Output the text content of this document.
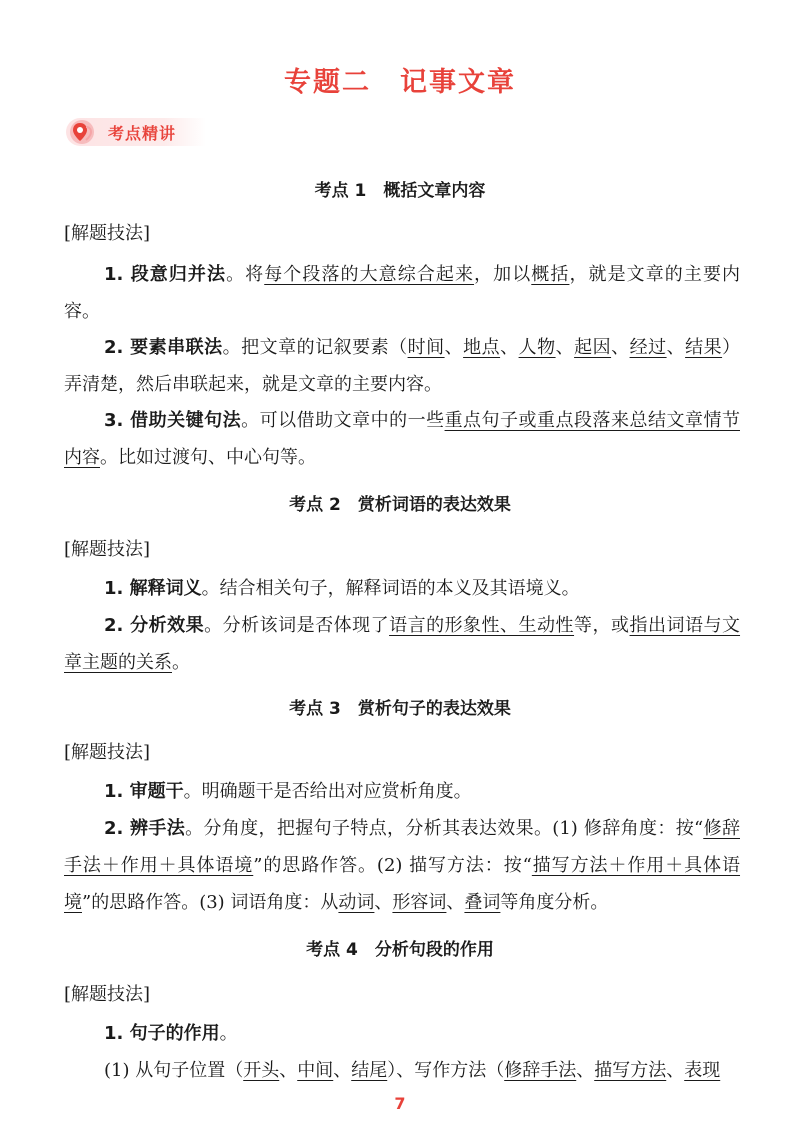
专题二　记事文章
考点精讲
考点 1　 概括文章内容
[解题技法]
1. 段意归并法。将每个段落的大意综合起来，加以概括，就是文章的主要内容。
2. 要素串联法。把文章的记叙要素（时间、地点、人物、起因、经过、结果）弄清楚，然后串联起来，就是文章的主要内容。
3. 借助关键句法。可以借助文章中的一些重点句子或重点段落来总结文章情节内容。比如过渡句、中心句等。
考点 2　 赏析词语的表达效果
[解题技法]
1. 解释词义。结合相关句子，解释词语的本义及其语境义。
2. 分析效果。分析该词是否体现了语言的形象性、生动性等，或指出词语与文章主题的关系。
考点 3　 赏析句子的表达效果
[解题技法]
1. 审题干。明确题干是否给出对应赏析角度。
2. 辨手法。分角度，把握句子特点，分析其表达效果。(1) 修辞角度：按“修辞手法＋作用＋具体语境”的思路作答。(2) 描写方法：按“描写方法＋作用＋具体语境”的思路作答。(3) 词语角度：从动词、形容词、叠词等角度分析。
考点 4　 分析句段的作用
[解题技法]
1. 句子的作用。
(1) 从句子位置（开头、中间、结尾）、写作方法（修辞手法、描写方法、表现
7
